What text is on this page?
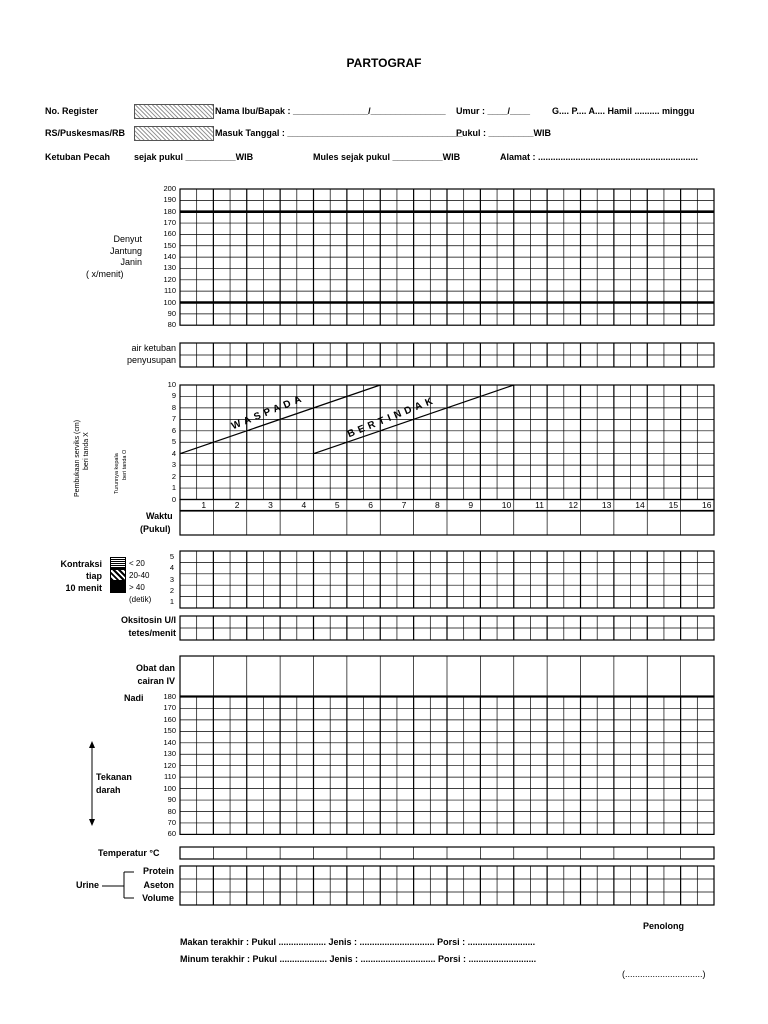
PARTOGRAF
No. Register	Nama Ibu/Bapak : _______________/_______________ Umur : ____/____ G.... P.... A.... Hamil .......... minggu
RS/Puskesmas/RB	Masuk Tanggal : ___________________________________
Pukul : _________WIB
Ketuban Pecah	sejak pukul __________WIB	Mules sejak pukul __________WIB	Alamat : ................................................................
Denyut
Jantung
Janin
( x/menit)
200
190
180
170
160
150
140
130
120
110
100
90
80
air ketuban
penyusupan
10
9
8
7
6
5
4
3
2
1
0
Pembukaan serviks (cm) beri tanda X
Turunnya kepala beri tanda O
WASPADA	BERTINDAK
1	2	3	4	5	6	7	8	9	10	11	12	13	14	15	16
Waktu
(Pukul)
Kontraksi
tiap
10 menit
< 20
20-40
> 40
(detik)
5
4
3
2
1
Oksitosin U/I
tetes/menit
Obat dan
cairan IV
Nadi
Tekanan
darah
180
170
160
150
140
130
120
110
100
90
80
70
60
Temperatur °C
Urine
Protein
Aseton
Volume
Penolong
Makan terakhir : Pukul ................... Jenis : .............................. Porsi : ...........................
Minum terakhir : Pukul ................... Jenis : .............................. Porsi : ...........................
(...............................)
